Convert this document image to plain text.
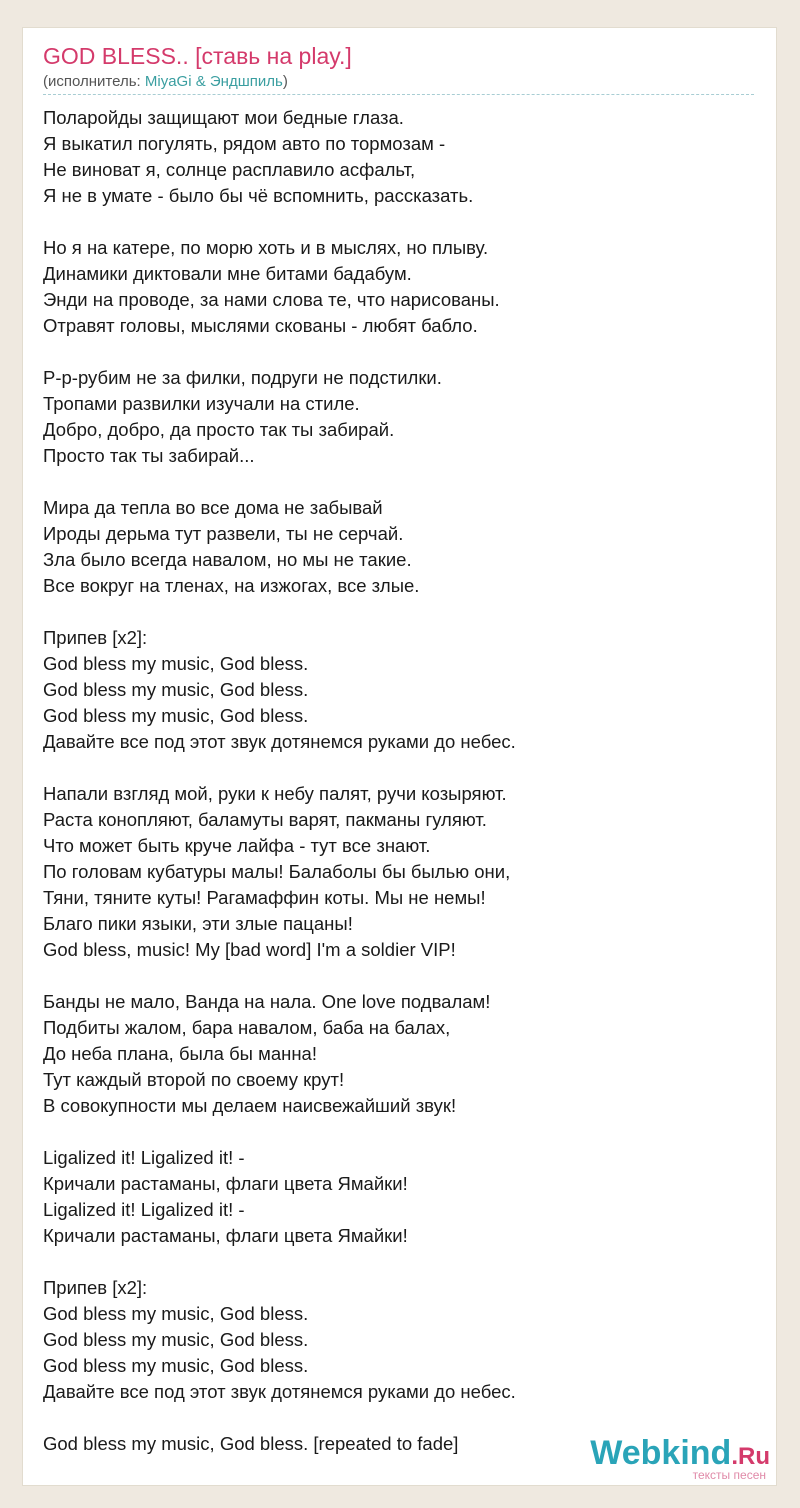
GOD BLESS.. [ставь на play.]
(исполнитель: MiyaGi & Эндшпиль)
Поларойды защищают мои бедные глаза.
Я выкатил погулять, рядом авто по тормозам -
Не виноват я, солнце расплавило асфальт,
Я не в умате - было бы чё вспомнить, рассказать.
Но я на катере, по морю хоть и в мыслях, но плыву.
Динамики диктовали мне битами бадабум.
Энди на проводе, за нами слова те, что нарисованы.
Отравят головы, мыслями скованы - любят бабло.
Р-р-рубим не за филки, подруги не подстилки.
Тропами развилки изучали на стиле.
Добро, добро, да просто так ты забирай.
Просто так ты забирай...
Мира да тепла во все дома не забывай
Ироды дерьма тут развели, ты не серчай.
Зла было всегда навалом, но мы не такие.
Все вокруг на тленах, на изжогах, все злые.
Припев [x2]:
God bless my music, God bless.
God bless my music, God bless.
God bless my music, God bless.
Давайте все под этот звук дотянемся руками до небес.
Напали взгляд мой, руки к небу палят, ручи козыряют.
Раста конопляют, баламуты варят, пакманы гуляют.
Что может быть круче лайфа - тут все знают.
По головам кубатуры малы! Балаболы бы былью они,
Тяни, тяните куты! Рагамаффин коты. Мы не немы!
Благо пики языки, эти злые пацаны!
God bless, music! My [bad word] I'm a soldier VIP!
Банды не мало, Ванда на нала. One love подвалам!
Подбиты жалом, бара навалом, баба на балах,
До неба плана, была бы манна!
Тут каждый второй по своему крут!
В совокупности мы делаем наисвежайший звук!
Ligalized it! Ligalized it! -
Кричали растаманы, флаги цвета Ямайки!
Ligalized it! Ligalized it! -
Кричали растаманы, флаги цвета Ямайки!
Припев [x2]:
God bless my music, God bless.
God bless my music, God bless.
God bless my music, God bless.
Давайте все под этот звук дотянемся руками до небес.
God bless my music, God bless. [repeated to fade]	Webkind.Ru
тексты песен
